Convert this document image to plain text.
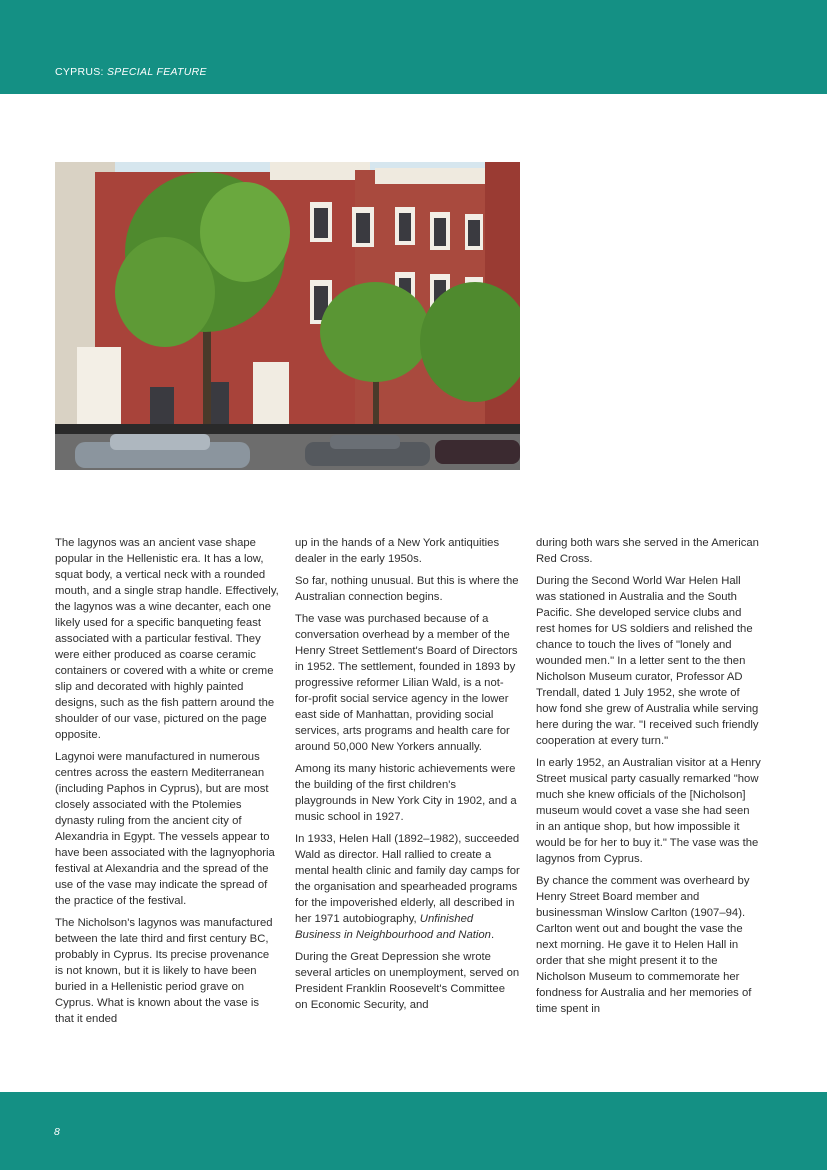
CYPRUS: SPECIAL FEATURE

The lagynos was an ancient vase shape popular in the Hellenistic era. It has a low, squat body, a vertical neck with a rounded mouth, and a single strap handle. Effectively, the lagynos was a wine decanter, each one likely used for a specific banqueting feast associated with a particular festival. They were either produced as coarse ceramic containers or covered with a white or creme slip and decorated with highly painted designs, such as the fish pattern around the shoulder of our vase, pictured on the page opposite.

Lagynoi were manufactured in numerous centres across the eastern Mediterranean (including Paphos in Cyprus), but are most closely associated with the Ptolemies dynasty ruling from the ancient city of Alexandria in Egypt. The vessels appear to have been associated with the lagnyophoria festival at Alexandria and the spread of the use of the vase may indicate the spread of the practice of the festival.

The Nicholson's lagynos was manufactured between the late third and first century BC, probably in Cyprus. Its precise provenance is not known, but it is likely to have been buried in a Hellenistic period grave on Cyprus. What is known about the vase is that it ended

up in the hands of a New York antiquities dealer in the early 1950s.

So far, nothing unusual. But this is where the Australian connection begins.

The vase was purchased because of a conversation overhead by a member of the Henry Street Settlement's Board of Directors in 1952. The settlement, founded in 1893 by progressive reformer Lilian Wald, is a not-for-profit social service agency in the lower east side of Manhattan, providing social services, arts programs and health care for around 50,000 New Yorkers annually.

Among its many historic achievements were the building of the first children's playgrounds in New York City in 1902, and a music school in 1927.

In 1933, Helen Hall (1892–1982), succeeded Wald as director. Hall rallied to create a mental health clinic and family day camps for the organisation and spearheaded programs for the impoverished elderly, all described in her 1971 autobiography, Unfinished Business in Neighbourhood and Nation.

During the Great Depression she wrote several articles on unemployment, served on President Franklin Roosevelt's Committee on Economic Security, and

during both wars she served in the American Red Cross.

During the Second World War Helen Hall was stationed in Australia and the South Pacific. She developed service clubs and rest homes for US soldiers and relished the chance to touch the lives of "lonely and wounded men." In a letter sent to the then Nicholson Museum curator, Professor AD Trendall, dated 1 July 1952, she wrote of how fond she grew of Australia while serving here during the war. "I received such friendly cooperation at every turn."

In early 1952, an Australian visitor at a Henry Street musical party casually remarked "how much she knew officials of the [Nicholson] museum would covet a vase she had seen in an antique shop, but how impossible it would be for her to buy it." The vase was the lagynos from Cyprus.

By chance the comment was overheard by Henry Street Board member and businessman Winslow Carlton (1907–94). Carlton went out and bought the vase the next morning. He gave it to Helen Hall in order that she might present it to the Nicholson Museum to commemorate her fondness for Australia and her memories of time spent in

8
